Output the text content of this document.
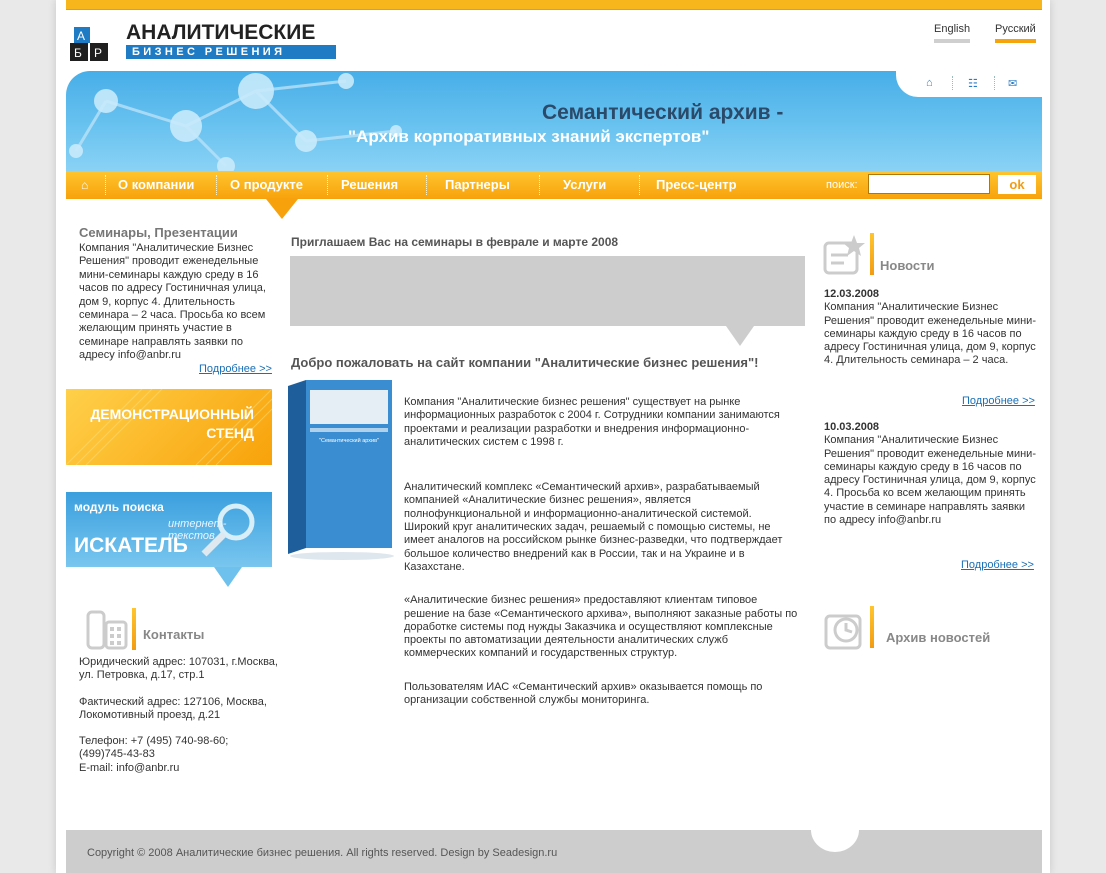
А
Б Р
АНАЛИТИЧЕСКИЕ
БИЗНЕС РЕШЕНИЯ
English Русский
⌂	☷	✉
Семантический архив -
"Архив корпоративных знаний экспертов"
⌂ О компании	О продукте	Решения	Партнеры	Услуги	Пресс-центр	поиск:	ok
Семинары, Презентации
Компания "Аналитические Бизнес Решения" проводит еженедельные мини-семинары каждую среду в 16 часов по адресу Гостиничная улица, дом 9, корпус 4. Длительность семинара – 2 часа. Просьба ко всем желающим принять участие в семинаре направлять заявки по адресу info@anbr.ru
Подробнее >>
ДЕМОНСТРАЦИОННЫЙ
СТЕНД
модуль поиска
интернет-текстов
ИСКАТЕЛЬ
Контакты
Юридический адрес: 107031, г.Москва,
ул. Петровка, д.17, стр.1
Фактический адрес: 127106, Москва,
Локомотивный проезд, д.21
Телефон: +7 (495) 740-98-60;
(499)745-43-83
E-mail: info@anbr.ru
Приглашаем Вас на семинары в феврале и марте 2008
Добро пожаловать на сайт компании "Аналитические бизнес решения"!
"Семантический архив"

Компания "Аналитические бизнес решения" существует на рынке информационных разработок с 2004 г. Сотрудники компании занимаются проектами и реализации разработки и внедрения информационно-аналитических систем с 1998 г.

Аналитический комплекс «Семантический архив», разрабатываемый компанией «Аналитические бизнес решения», является полнофункциональной и информационно-аналитической системой. Широкий круг аналитических задач, решаемый с помощью системы, не имеет аналогов на российском рынке бизнес-разведки, что подтверждает большое количество внедрений как в России, так и на Украине и в Казахстане.

«Аналитические бизнес решения» предоставляют клиентам типовое решение на базе «Семантического архива», выполняют заказные работы по доработке системы под нужды Заказчика и осуществляют комплексные проекты по автоматизации деятельности аналитических служб коммерческих компаний и государственных структур.

Пользователям ИАС «Семантический архив» оказывается помощь по организации собственной службы мониторинга.

Новости
12.03.2008
Компания "Аналитические Бизнес Решения" проводит еженедельные мини-семинары каждую среду в 16 часов по адресу Гостиничная улица, дом 9, корпус 4. Длительность семинара – 2 часа.
Подробнее >>
10.03.2008
Компания "Аналитические Бизнес Решения" проводит еженедельные мини-семинары каждую среду в 16 часов по адресу Гостиничная улица, дом 9, корпус 4. Просьба ко всем желающим принять участие в семинаре направлять заявки по адресу info@anbr.ru
Подробнее >>
Архив новостей
Copyright © 2008 Аналитические бизнес решения. All rights reserved. Design by Seadesign.ru
